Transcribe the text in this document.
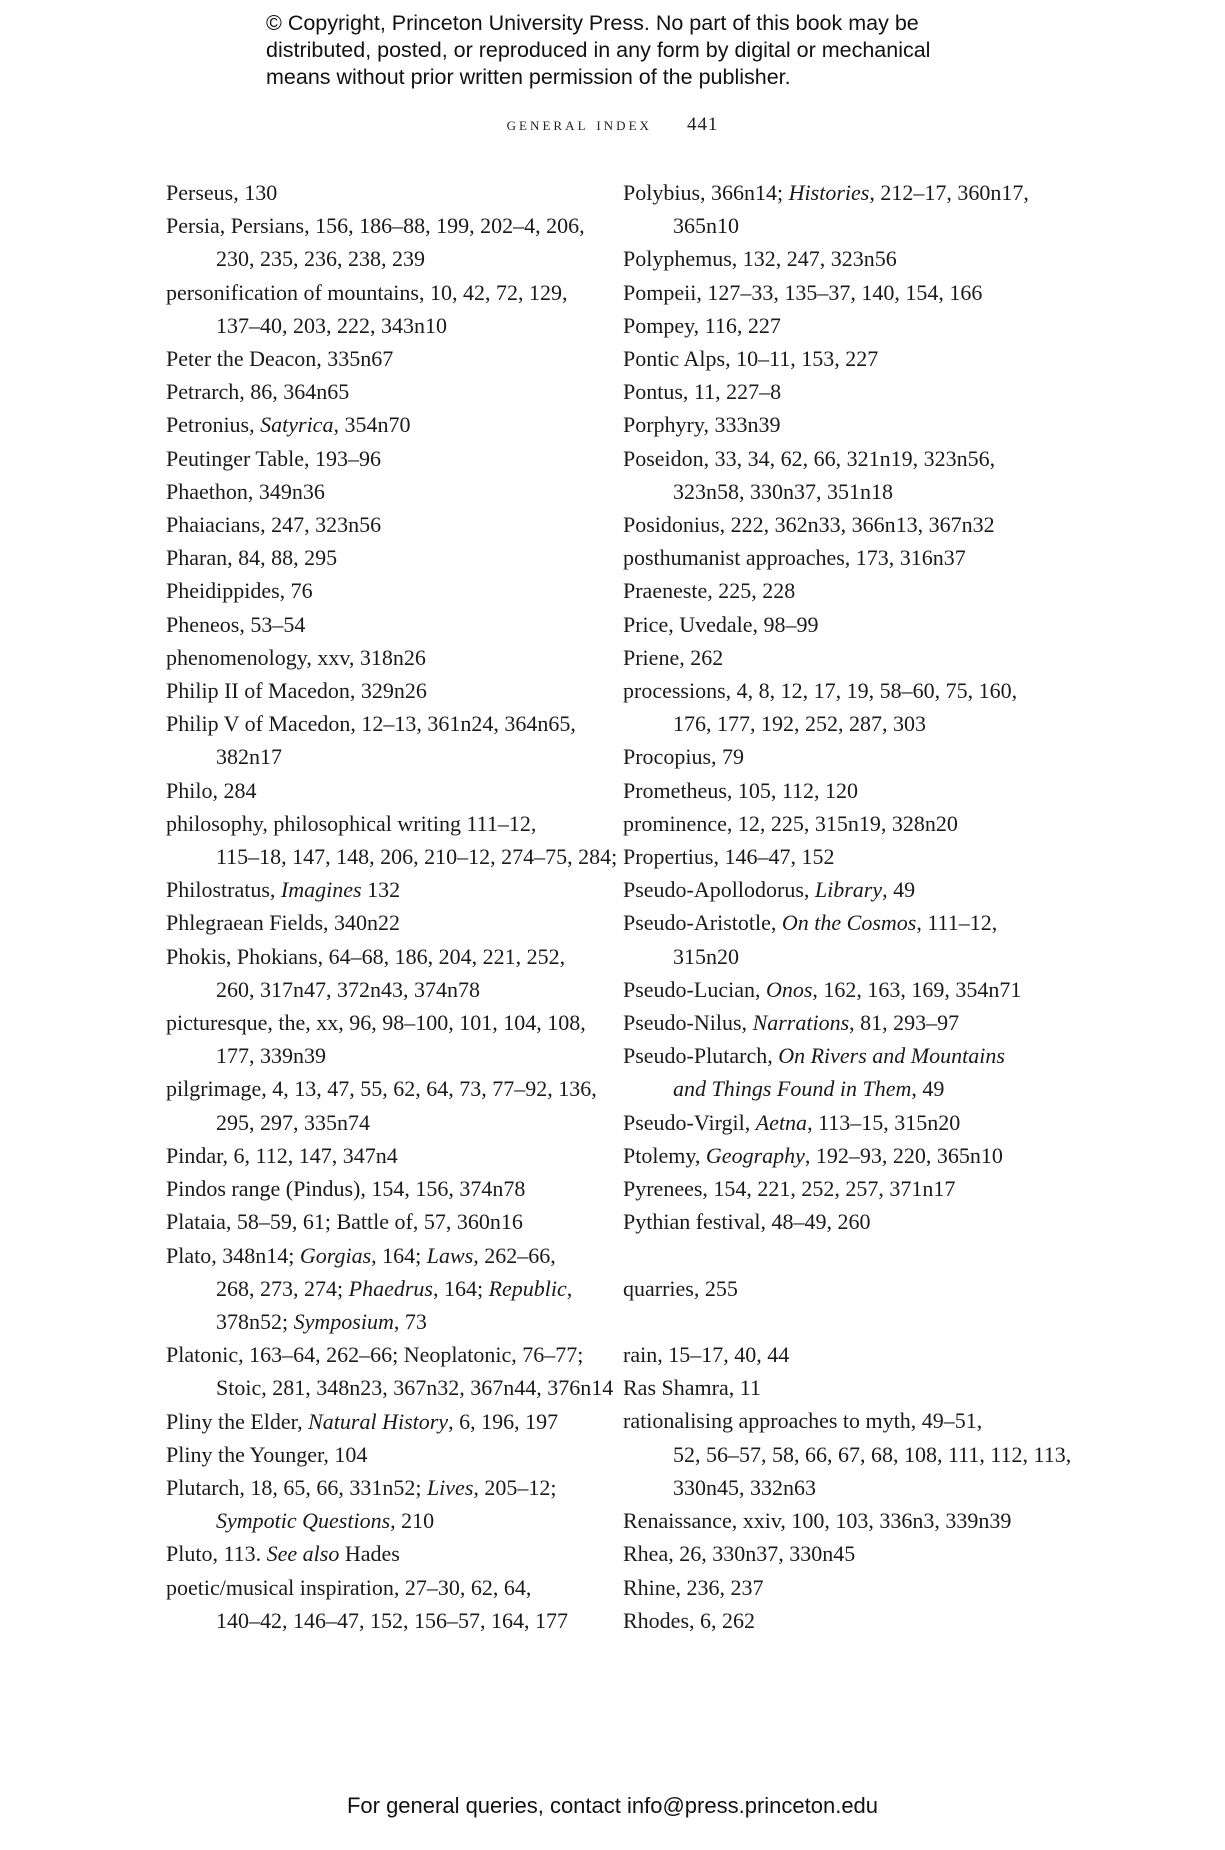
© Copyright, Princeton University Press. No part of this book may be
distributed, posted, or reproduced in any form by digital or mechanical
means without prior written permission of the publisher.
general index 441
Perseus, 130
Persia, Persians, 156, 186–88, 199, 202–4, 206,
230, 235, 236, 238, 239
personification of mountains, 10, 42, 72, 129,
137–40, 203, 222, 343n10
Peter the Deacon, 335n67
Petrarch, 86, 364n65
Petronius, Satyrica, 354n70
Peutinger Table, 193–96
Phaethon, 349n36
Phaiacians, 247, 323n56
Pharan, 84, 88, 295
Pheidippides, 76
Pheneos, 53–54
phenomenology, xxv, 318n26
Philip II of Macedon, 329n26
Philip V of Macedon, 12–13, 361n24, 364n65,
382n17
Philo, 284
philosophy, philosophical writing 111–12,
115–18, 147, 148, 206, 210–12, 274–75, 284;
Philostratus, Imagines 132
Phlegraean Fields, 340n22
Phokis, Phokians, 64–68, 186, 204, 221, 252,
260, 317n47, 372n43, 374n78
picturesque, the, xx, 96, 98–100, 101, 104, 108,
177, 339n39
pilgrimage, 4, 13, 47, 55, 62, 64, 73, 77–92, 136,
295, 297, 335n74
Pindar, 6, 112, 147, 347n4
Pindos range (Pindus), 154, 156, 374n78
Plataia, 58–59, 61; Battle of, 57, 360n16
Plato, 348n14; Gorgias, 164; Laws, 262–66,
268, 273, 274; Phaedrus, 164; Republic,
378n52; Symposium, 73
Platonic, 163–64, 262–66; Neoplatonic, 76–77;
Stoic, 281, 348n23, 367n32, 367n44, 376n14
Pliny the Elder, Natural History, 6, 196, 197
Pliny the Younger, 104
Plutarch, 18, 65, 66, 331n52; Lives, 205–12;
Sympotic Questions, 210
Pluto, 113. See also Hades
poetic/musical inspiration, 27–30, 62, 64,
140–42, 146–47, 152, 156–57, 164, 177
Polybius, 366n14; Histories, 212–17, 360n17,
365n10
Polyphemus, 132, 247, 323n56
Pompeii, 127–33, 135–37, 140, 154, 166
Pompey, 116, 227
Pontic Alps, 10–11, 153, 227
Pontus, 11, 227–8
Porphyry, 333n39
Poseidon, 33, 34, 62, 66, 321n19, 323n56,
323n58, 330n37, 351n18
Posidonius, 222, 362n33, 366n13, 367n32
posthumanist approaches, 173, 316n37
Praeneste, 225, 228
Price, Uvedale, 98–99
Priene, 262
processions, 4, 8, 12, 17, 19, 58–60, 75, 160,
176, 177, 192, 252, 287, 303
Procopius, 79
Prometheus, 105, 112, 120
prominence, 12, 225, 315n19, 328n20
Propertius, 146–47, 152
Pseudo-Apollodorus, Library, 49
Pseudo-Aristotle, On the Cosmos, 111–12,
315n20
Pseudo-Lucian, Onos, 162, 163, 169, 354n71
Pseudo-Nilus, Narrations, 81, 293–97
Pseudo-Plutarch, On Rivers and Mountains
and Things Found in Them, 49
Pseudo-Virgil, Aetna, 113–15, 315n20
Ptolemy, Geography, 192–93, 220, 365n10
Pyrenees, 154, 221, 252, 257, 371n17
Pythian festival, 48–49, 260
quarries, 255
rain, 15–17, 40, 44
Ras Shamra, 11
rationalising approaches to myth, 49–51,
52, 56–57, 58, 66, 67, 68, 108, 111, 112, 113,
330n45, 332n63
Renaissance, xxiv, 100, 103, 336n3, 339n39
Rhea, 26, 330n37, 330n45
Rhine, 236, 237
Rhodes, 6, 262
For general queries, contact info@press.princeton.edu
